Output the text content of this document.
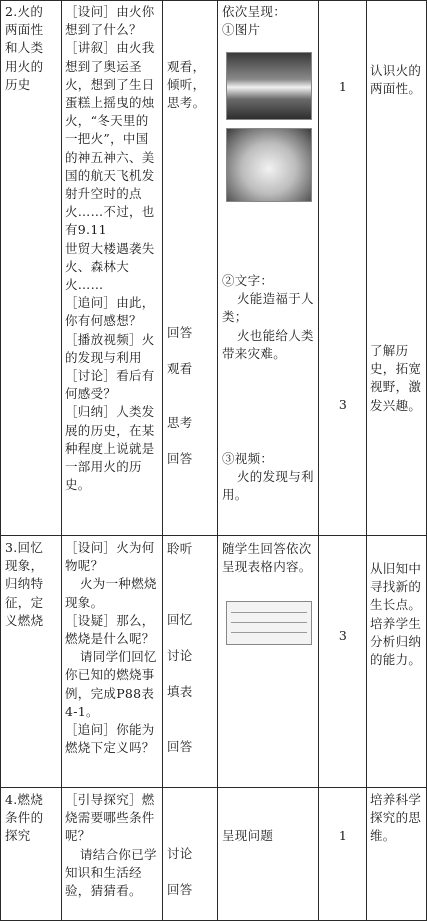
2.火的

两面性

和人类

用火的

历史

［设问］由火你想到了什么？

［讲叙］由火我想到了奥运圣火，想到了生日蛋糕上摇曳的烛火，“冬天里的一把火”，中国的神五神六、美国的航天飞机发射升空时的点火……不过，也有9.11

世贸大楼遇袭失火、森林大火……

［追问］由此，你有何感想？

［播放视频］火的发现与利用

［讨论］看后有何感受？

［归纳］人类发展的历史，在某种程度上说就是一部用火的历史。

观看，

倾听，

思考。

回答
观看
思考
回答

依次呈现：

①图片

②文字：

火能造福于人类；

火也能给人类带来灾难。

③视频：

火的发现与利用。

1
3
认识火的两面性。
了解历史，拓宽视野，激发兴趣。

3.回忆

现象，

归纳特

征，定

义燃烧

［设问］火为何物呢？

火为一种燃烧现象。

［设疑］那么，燃烧是什么呢？

请同学们回忆你已知的燃烧事例，完成P88表4-1。

［追问］你能为燃烧下定义吗？

聆听
回忆
讨论
填表
回答
随学生回答依次呈现表格内容。
3
从旧知中寻找新的生长点。培养学生分析归纳的能力。

4.燃烧

条件的

探究

［引导探究］燃烧需要哪些条件呢？

请结合你已学知识和生活经验，猜猜看。

讨论
回答
呈现问题	1
培养科学探究的思维。
